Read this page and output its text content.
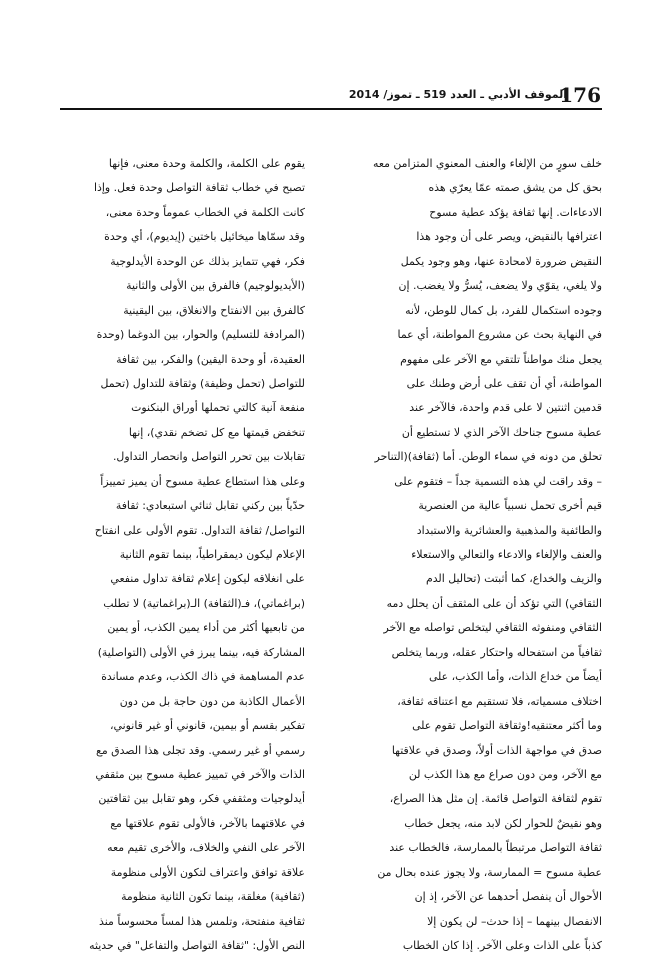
176
الموقف الأدبي ـ العدد 519 ـ تموز/ 2014
خلف سورٍ من الإلغاء والعنف المعنوي المتزامن معه
بحق كل من يشق صمته عمّا يعرّي هذه
الادعاءات. إنها ثقافة يؤكد عطية مسوح
اعترافها بالنقيض، ويصر على أن وجود هذا
النقيض ضرورة لامحادة عنها، وهو وجود يكمل
ولا يلغي، يقوّي ولا يضعف، يُسرُّ ولا يغضب. إن
وجوده استكمال للفرد، بل كمال للوطن، لأنه
في النهاية بحث عن مشروع المواطنة، أي عما
يجعل منك مواطناً تلتقي مع الآخر على مفهوم
المواطنة، أي أن تقف على أرض وطنك على
قدمين اثنتين لا على قدم واحدة، فالآخر عند
عطية مسوح جناحك الآخر الذي لا تستطيع أن
تحلق من دونه في سماء الوطن. أما (ثقافة)(التناحر
– وقد راقت لي هذه التسمية جداً – فتقوم على
قيم أخرى تحمل نسبياً عالية من العنصرية
والطائفية والمذهبية والعشائرية والاستبداد
والعنف والإلغاء والادعاء والتعالي والاستعلاء
والزيف والخداع، كما أثبتت (تحاليل الدم
الثقافي) التي تؤكد أن على المثقف أن يحلل دمه
الثقافي ومنفوثه الثقافي ليتخلص تواصله مع الآخر
ثقافياً من استفحاله واحتكار عقله، وربما يتخلص
أيضاً من خداع الذات، وأما الكذب، على
اختلاف مسمياته، فلا تستقيم مع اعتناقه ثقافة،
وما أكثر معتنقيه!وثقافة التواصل تقوم على
صدق في مواجهة الذات أولاً، وصدق في علاقتها
مع الآخر، ومن دون صراع مع هذا الكذب لن
تقوم لثقافة التواصل قائمة. إن مثل هذا الصراع،
وهو نقيضٌ للحوار لكن لابد منه، يجعل خطاب
ثقافة التواصل مرتبطاً بالممارسة، فالخطاب عند
عطية مسوح = الممارسة، ولا يجوز عنده بحال من
الأحوال أن ينفصل أحدهما عن الآخر، إذ إن
الانفصال بينهما – إذا حدث– لن يكون إلا
كذباً على الذات وعلى الآخر. إذا كان الخطاب
يقوم على الكلمة، والكلمة وحدة معنى، فإنها
تصبح في خطاب ثقافة التواصل وحدة فعل. وإذا
كانت الكلمة في الخطاب عموماً وحدة معنى،
وقد سمّاها ميخائيل باختين (إيديوم)، أي وحدة
فكر، فهي تتمايز بذلك عن الوحدة الأيدلوجية
(الأيديولوجيم) فالفرق بين الأولى والثانية
كالفرق بين الانفتاح والانغلاق، بين اليقينية
(المرادفة للتسليم) والحوار، بين الدوغما (وحدة
العقيدة، أو وحدة اليقين) والفكر، بين ثقافة
للتواصل (تحمل وظيفة) وثقافة للتداول (تحمل
منفعة آنية كالتي تحملها أوراق البنكنوت
تنخفض قيمتها مع كل تضخم نقدي)، إنها
تقابلات بين تحرر التواصل وانحصار التداول.
وعلى هذا استطاع عطية مسوح أن يميز تمييزاً
حدّياً بين ركني تقابل ثنائي استبعادي: ثقافة
التواصل/ ثقافة التداول. تقوم الأولى على انفتاح
الإعلام ليكون ديمقراطياً، بينما تقوم الثانية
على انغلاقه ليكون إعلام ثقافة تداول منفعي
(براغماتي)، فـ(الثقافة) الـ(براغماتية) لا تطلب
من تابعيها أكثر من أداء يمين الكذب، أو يمين
المشاركة فيه، بينما يبرز في الأولى (التواصلية)
عدم المساهمة في ذاك الكذب، وعدم مساندة
الأعمال الكاذبة من دون حاجة بل من دون
تفكير بقسم أو بيمين، قانوني أو غير قانوني،
رسمي أو غير رسمي. وقد تجلى هذا الصدق مع
الذات والآخر في تمييز عطية مسوح بين مثقفي
أيدلوجيات ومثقفي فكر، وهو تقابل بين ثقافتين
في علاقتهما بالآخر، فالأولى تقوم علاقتها مع
الآخر على النفي والخلاف، والأخرى تقيم معه
علاقة توافق واعتراف لتكون الأولى منظومة
(ثقافية) مغلقة، بينما تكون الثانية منظومة
ثقافية منفتحة، وتلمس هذا لمساً محسوساً منذ
النص الأول: "ثقافة التواصل والتفاعل" في حديثه
